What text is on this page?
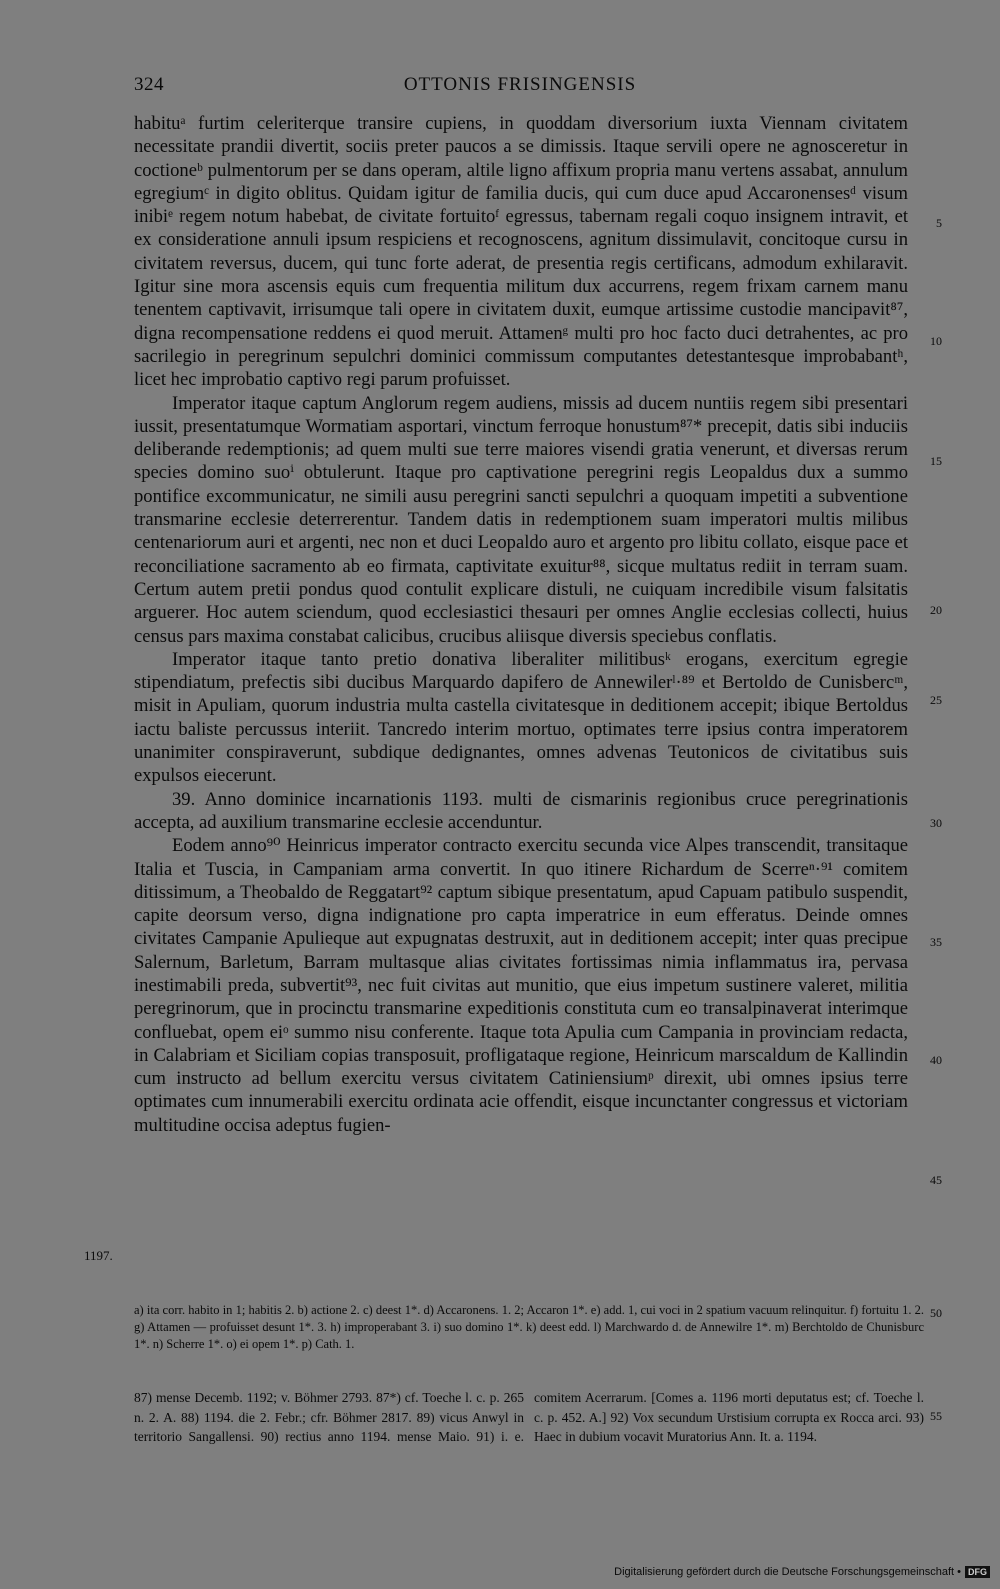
324	OTTONIS FRISINGENSIS

habituᵃ furtim celeriterque transire cupiens, in quoddam diversorium iuxta Viennam civitatem necessitate prandii divertit, sociis preter paucos a se dimissis. Itaque servili opere ne agnosceretur in coctioneᵇ pulmentorum per se dans operam, altile ligno affixum propria manu vertens assabat, annulum egregiumᶜ in digito oblitus. Quidam igitur de familia ducis, qui cum duce apud Accaronensesᵈ visum inibiᵉ regem notum habebat, de civitate fortuitoᶠ egressus, tabernam regali coquo insignem intravit, et ex consideratione annuli ipsum respiciens et recognoscens, agnitum dissimulavit, concitoque cursu in civitatem reversus, ducem, qui tunc forte aderat, de presentia regis certificans, admodum exhilaravit. Igitur sine mora ascensis equis cum frequentia militum dux accurrens, regem frixam carnem manu tenentem captivavit, irrisumque tali opere in civitatem duxit, eumque artissime custodie mancipavit⁸⁷, digna recompensatione reddens ei quod meruit. Attamenᵍ multi pro hoc facto duci detrahentes, ac pro sacrilegio in peregrinum sepulchri dominici commissum computantes detestantesque improbabantʰ, licet hec improbatio captivo regi parum profuisset.

Imperator itaque captum Anglorum regem audiens, missis ad ducem nuntiis regem sibi presentari iussit, presentatumque Wormatiam asportari, vinctum ferroque honustum⁸⁷* precepit, datis sibi induciis deliberande redemptionis; ad quem multi sue terre maiores visendi gratia venerunt, et diversas rerum species domino suoⁱ obtulerunt. Itaque pro captivatione peregrini regis Leopaldus dux a summo pontifice excommunicatur, ne simili ausu peregrini sancti sepulchri a quoquam impetiti a subventione transmarine ecclesie deterrerentur. Tandem datis in redemptionem suam imperatori multis milibus centenariorum auri et argenti, nec non et duci Leopaldo auro et argento pro libitu collato, eisque pace et reconciliatione sacramento ab eo firmata, captivitate exuitur⁸⁸, sicque multatus rediit in terram suam. Certum autem pretii pondus quod contulit explicare distuli, ne cuiquam incredibile visum falsitatis arguerer. Hoc autem sciendum, quod ecclesiastici thesauri per omnes Anglie ecclesias collecti, huius census pars maxima constabat calicibus, crucibus aliisque diversis speciebus conflatis.

Imperator itaque tanto pretio donativa liberaliter militibusᵏ erogans, exercitum egregie stipendiatum, prefectis sibi ducibus Marquardo dapifero de Annewilerˡ·⁸⁹ et Bertoldo de Cunisbercᵐ, misit in Apuliam, quorum industria multa castella civitatesque in deditionem accepit; ibique Bertoldus iactu baliste percussus interiit. Tancredo interim mortuo, optimates terre ipsius contra imperatorem unanimiter conspiraverunt, subdique dedignantes, omnes advenas Teutonicos de civitatibus suis expulsos eiecerunt.

39. Anno dominice incarnationis 1193. multi de cismarinis regionibus cruce peregrinationis accepta, ad auxilium transmarine ecclesie accenduntur.

Eodem anno⁹⁰ Heinricus imperator contracto exercitu secunda vice Alpes transcendit, transitaque Italia et Tuscia, in Campaniam arma convertit. In quo itinere Richardum de Scerreⁿ·⁹¹ comitem ditissimum, a Theobaldo de Reggatart⁹² captum sibique presentatum, apud Capuam patibulo suspendit, capite deorsum verso, digna indignatione pro capta imperatrice in eum efferatus. Deinde omnes civitates Campanie Apulieque aut expugnatas destruxit, aut in deditionem accepit; inter quas precipue Salernum, Barletum, Barram multasque alias civitates fortissimas nimia inflammatus ira, pervasa inestimabili preda, subvertit⁹³, nec fuit civitas aut munitio, que eius impetum sustinere valeret, militia peregrinorum, que in procinctu transmarine expeditionis constituta cum eo transalpinaverat interimque confluebat, opem eiᵒ summo nisu conferente. Itaque tota Apulia cum Campania in provinciam redacta, in Calabriam et Siciliam copias transposuit, profligataque regione, Heinricum marscaldum de Kallindin cum instructo ad bellum exercitu versus civitatem Catiniensiumᵖ direxit, ubi omnes ipsius terre optimates cum innumerabili exercitu ordinata acie offendit, eisque incunctanter congressus et victoriam multitudine occisa adeptus fugien-

5
10
15
20
25
30
35
40
45
50
55
1197.

a) ita corr. habito in 1; habitis 2. b) actione 2. c) deest 1*. d) Accaronens. 1. 2; Accaron 1*. e) add. 1, cui voci in 2 spatium vacuum relinquitur. f) fortuitu 1. 2. g) Attamen — profuisset desunt 1*. 3. h) improperabant 3. i) suo domino 1*. k) deest edd. l) Marchwardo d. de Annewilre 1*. m) Berchtoldo de Chunisburc 1*. n) Scherre 1*. o) ei opem 1*. p) Cath. 1.

87) mense Decemb. 1192; v. Böhmer 2793. 87*) cf. Toeche l. c. p. 265 n. 2. A. 88) 1194. die 2. Febr.; cfr. Böhmer 2817. 89) vicus Anwyl in territorio Sangallensi. 90) rectius anno 1194. mense Maio. 91) i. e. comitem Acerrarum. [Comes a. 1196 morti deputatus est; cf. Toeche l. c. p. 452. A.] 92) Vox secundum Urstisium corrupta ex Rocca arci. 93) Haec in dubium vocavit Muratorius Ann. It. a. 1194.

Digitalisierung gefördert durch die Deutsche Forschungsgemeinschaft • DFG
